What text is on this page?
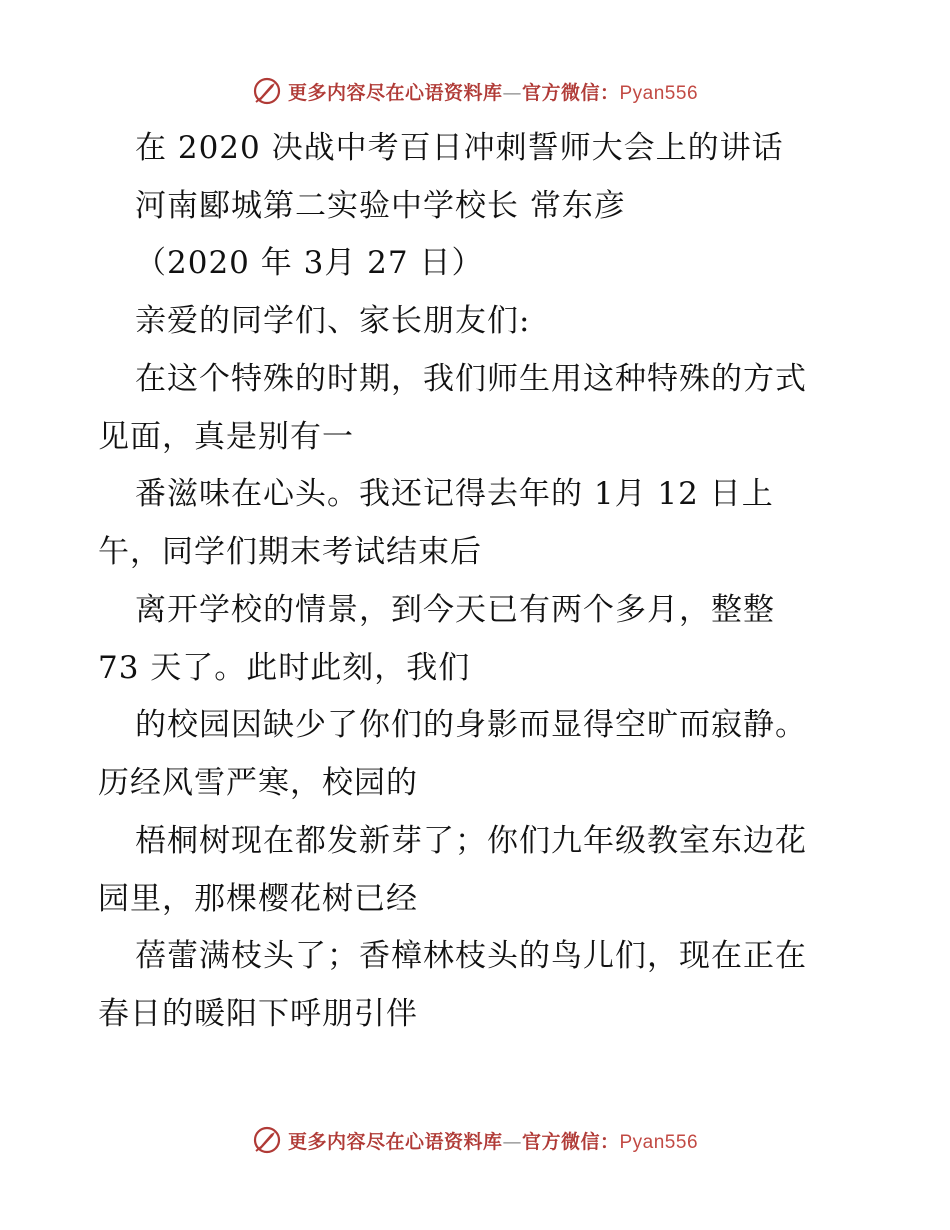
更多内容尽在心语资料库—官方微信：Pyan556
在 2020 决战中考百日冲刺誓师大会上的讲话
河南郾城第二实验中学校长 常东彦
（2020 年 3月 27 日）
亲爱的同学们、家长朋友们:
在这个特殊的时期，我们师生用这种特殊的方式
见面，真是别有一
番滋味在心头。我还记得去年的 1月 12 日上
午，同学们期末考试结束后
离开学校的情景，到今天已有两个多月，整整
73 天了。此时此刻，我们
的校园因缺少了你们的身影而显得空旷而寂静。
历经风雪严寒，校园的
梧桐树现在都发新芽了；你们九年级教室东边花
园里，那棵樱花树已经
蓓蕾满枝头了；香樟林枝头的鸟儿们，现在正在
春日的暖阳下呼朋引伴
更多内容尽在心语资料库—官方微信：Pyan556
